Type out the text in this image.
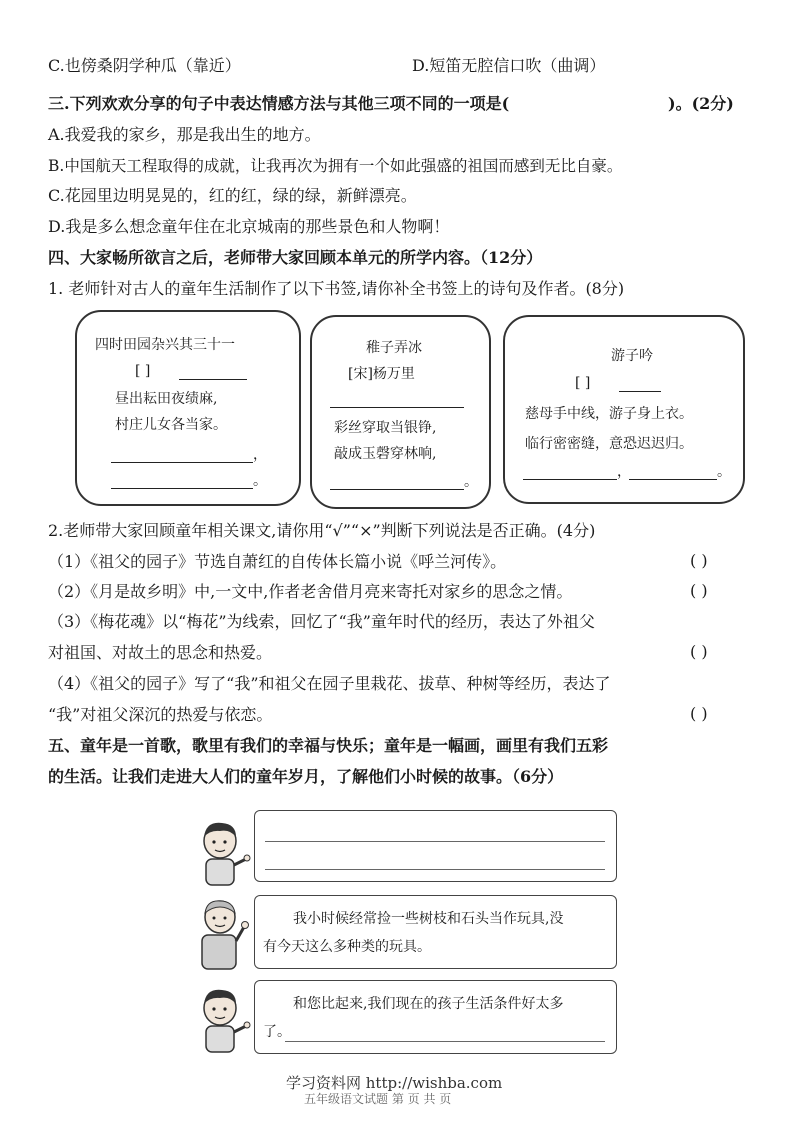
C.也傍桑阴学种瓜（靠近）	D.短笛无腔信口吹（曲调）
三.下列欢欢分享的句子中表达情感方法与其他三项不同的一项是(	)。(2分)
A.我爱我的家乡，那是我出生的地方。
B.中国航天工程取得的成就，让我再次为拥有一个如此强盛的祖国而感到无比自豪。
C.花园里边明晃晃的，红的红，绿的绿，新鲜漂亮。
D.我是多么想念童年住在北京城南的那些景色和人物啊！
四、大家畅所欲言之后，老师带大家回顾本单元的所学内容。（12分）
1. 老师针对古人的童年生活制作了以下书签,请你补全书签上的诗句及作者。(8分)
四时田园杂兴其三十一
[ ]
昼出耘田夜绩麻,
村庄儿女各当家。
，
。
稚子弄冰
[宋]杨万里
彩丝穿取当银铮,
敲成玉磬穿林响,
。
游子吟
[ ]
慈母手中线，游子身上衣。
临行密密缝，意恐迟迟归。
，	。
2.老师带大家回顾童年相关课文,请你用“√”“×”判断下列说法是否正确。(4分)
（1）《祖父的园子》节选自萧红的自传体长篇小说《呼兰河传》。	( )
（2）《月是故乡明》中,一文中,作者老舍借月亮来寄托对家乡的思念之情。	( )
（3）《梅花魂》以“梅花”为线索，回忆了“我”童年时代的经历，表达了外祖父
对祖国、对故土的思念和热爱。	( )
（4）《祖父的园子》写了“我”和祖父在园子里栽花、拔草、种树等经历，表达了
“我”对祖父深沉的热爱与依恋。	( )
五、童年是一首歌，歌里有我们的幸福与快乐；童年是一幅画，画里有我们五彩
的生活。让我们走进大人们的童年岁月，了解他们小时候的故事。（6分）
我小时候经常捡一些树枝和石头当作玩具,没
有今天这么多种类的玩具。
和您比起来,我们现在的孩子生活条件好太多
了。
学习资料网 http://wishba.com
五年级语文试题 第 页 共 页
